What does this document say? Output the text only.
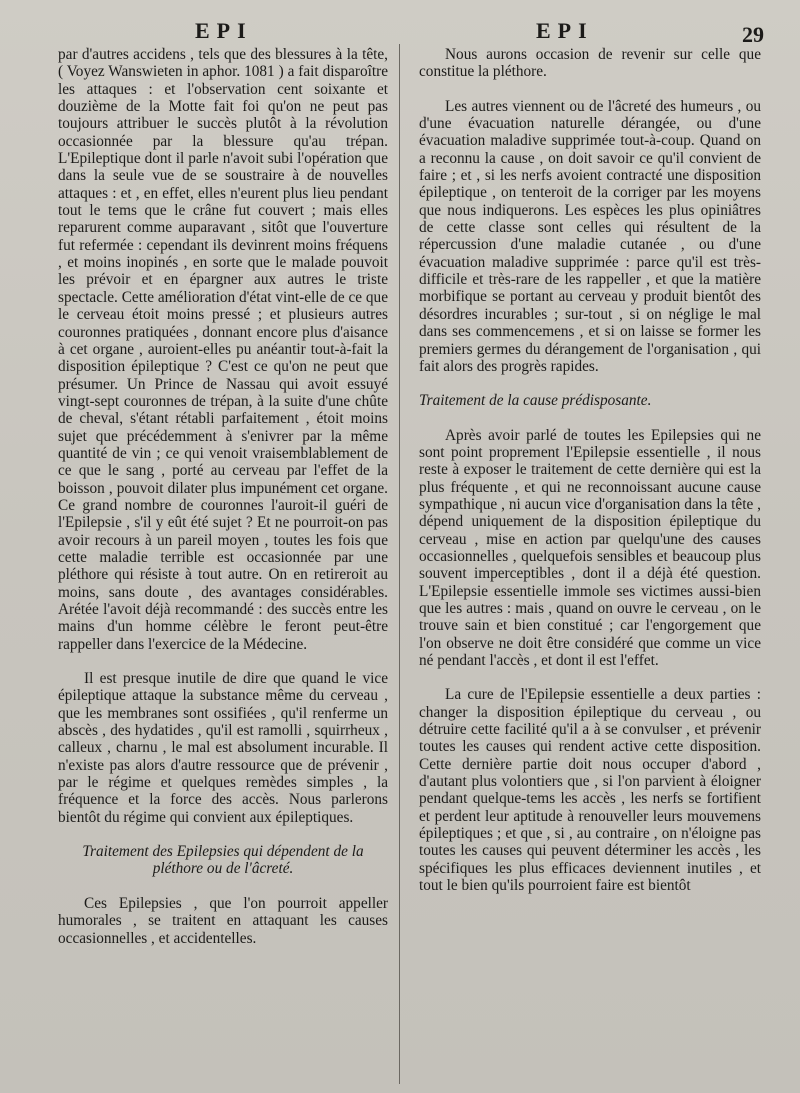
EPI	EPI	29

par d'autres accidens , tels que des blessures à la tête, ( Voyez Wanswieten in aphor. 1081 ) a fait disparoître les attaques : et l'observation cent soixante et douzième de la Motte fait foi qu'on ne peut pas toujours attribuer le succès plutôt à la révolution occasionnée par la blessure qu'au trépan. L'Epileptique dont il parle n'avoit subi l'opération que dans la seule vue de se soustraire à de nouvelles attaques : et , en effet, elles n'eurent plus lieu pendant tout le tems que le crâne fut couvert ; mais elles reparurent comme auparavant , sitôt que l'ouverture fut refermée : cependant ils devinrent moins fréquens , et moins inopinés , en sorte que le malade pouvoit les prévoir et en épargner aux autres le triste spectacle. Cette amélioration d'état vint-elle de ce que le cerveau étoit moins pressé ; et plusieurs autres couronnes pratiquées , donnant encore plus d'aisance à cet organe , auroient-elles pu anéantir tout-à-fait la disposition épileptique ? C'est ce qu'on ne peut que présumer. Un Prince de Nassau qui avoit essuyé vingt-sept couronnes de trépan, à la suite d'une chûte de cheval, s'étant rétabli parfaitement , étoit moins sujet que précédemment à s'enivrer par la même quantité de vin ; ce qui venoit vraisemblablement de ce que le sang , porté au cerveau par l'effet de la boisson , pouvoit dilater plus impunément cet organe. Ce grand nombre de couronnes l'auroit-il guéri de l'Epilepsie , s'il y eût été sujet ? Et ne pourroit-on pas avoir recours à un pareil moyen , toutes les fois que cette maladie terrible est occasionnée par une pléthore qui résiste à tout autre. On en retireroit au moins, sans doute , des avantages considérables. Arétée l'avoit déjà recommandé : des succès entre les mains d'un homme célèbre le feront peut-être rappeller dans l'exercice de la Médecine.

Il est presque inutile de dire que quand le vice épileptique attaque la substance même du cerveau , que les membranes sont ossifiées , qu'il renferme un abscès , des hydatides , qu'il est ramolli , squirrheux , calleux , charnu , le mal est absolument incurable. Il n'existe pas alors d'autre ressource que de prévenir , par le régime et quelques remèdes simples , la fréquence et la force des accès. Nous parlerons bientôt du régime qui convient aux épileptiques.

Traitement des Epilepsies qui dépendent de la pléthore ou de l'âcreté.

Ces Epilepsies , que l'on pourroit appeller humorales , se traitent en attaquant les causes occasionnelles , et accidentelles.

Nous aurons occasion de revenir sur celle que constitue la pléthore.

Les autres viennent ou de l'âcreté des humeurs , ou d'une évacuation naturelle dérangée, ou d'une évacuation maladive supprimée tout-à-coup. Quand on a reconnu la cause , on doit savoir ce qu'il convient de faire ; et , si les nerfs avoient contracté une disposition épileptique , on tenteroit de la corriger par les moyens que nous indiquerons. Les espèces les plus opiniâtres de cette classe sont celles qui résultent de la répercussion d'une maladie cutanée , ou d'une évacuation maladive supprimée : parce qu'il est très-difficile et très-rare de les rappeller , et que la matière morbifique se portant au cerveau y produit bientôt des désordres incurables ; sur-tout , si on néglige le mal dans ses commencemens , et si on laisse se former les premiers germes du dérangement de l'organisation , qui fait alors des progrès rapides.

Traitement de la cause prédisposante.

Après avoir parlé de toutes les Epilepsies qui ne sont point proprement l'Epilepsie essentielle , il nous reste à exposer le traitement de cette dernière qui est la plus fréquente , et qui ne reconnoissant aucune cause sympathique , ni aucun vice d'organisation dans la tête , dépend uniquement de la disposition épileptique du cerveau , mise en action par quelqu'une des causes occasionnelles , quelquefois sensibles et beaucoup plus souvent imperceptibles , dont il a déjà été question. L'Epilepsie essentielle immole ses victimes aussi-bien que les autres : mais , quand on ouvre le cerveau , on le trouve sain et bien constitué ; car l'engorgement que l'on observe ne doit être considéré que comme un vice né pendant l'accès , et dont il est l'effet.

La cure de l'Epilepsie essentielle a deux parties : changer la disposition épileptique du cerveau , ou détruire cette facilité qu'il a à se convulser , et prévenir toutes les causes qui rendent active cette disposition. Cette dernière partie doit nous occuper d'abord , d'autant plus volontiers que , si l'on parvient à éloigner pendant quelque-tems les accès , les nerfs se fortifient et perdent leur aptitude à renouveller leurs mouvemens épileptiques ; et que , si , au contraire , on n'éloigne pas toutes les causes qui peuvent déterminer les accès , les spécifiques les plus efficaces deviennent inutiles , et tout le bien qu'ils pourroient faire est bientôt
